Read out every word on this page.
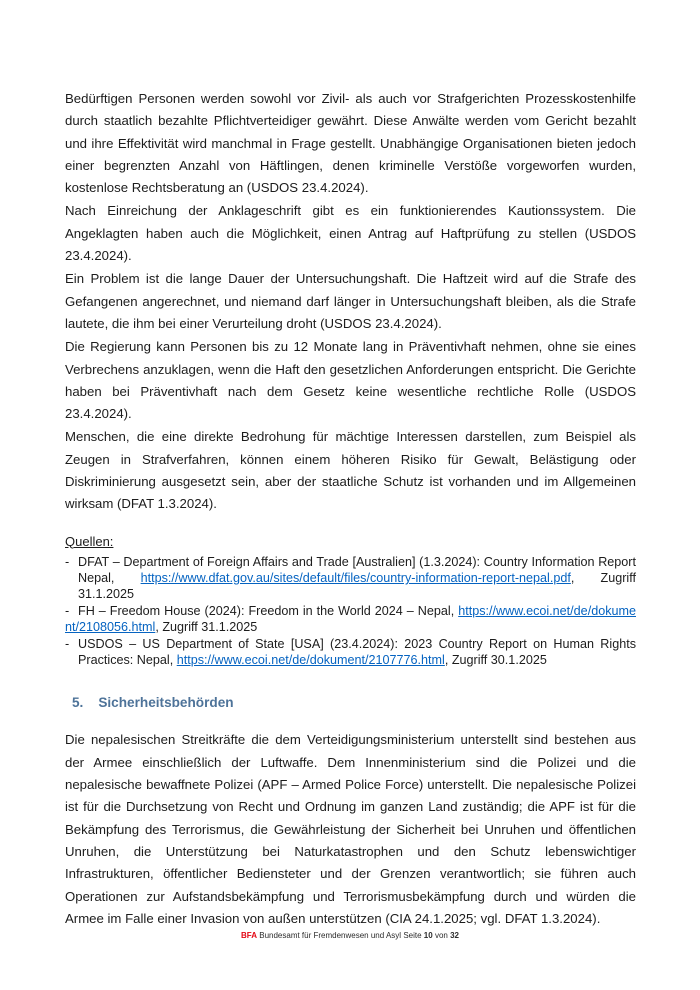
Bedürftigen Personen werden sowohl vor Zivil- als auch vor Strafgerichten Prozesskostenhilfe durch staatlich bezahlte Pflichtverteidiger gewährt. Diese Anwälte werden vom Gericht bezahlt und ihre Effektivität wird manchmal in Frage gestellt. Unabhängige Organisationen bieten jedoch einer begrenzten Anzahl von Häftlingen, denen kriminelle Verstöße vorgeworfen wurden, kostenlose Rechtsberatung an (USDOS 23.4.2024).

Nach Einreichung der Anklageschrift gibt es ein funktionierendes Kautionssystem. Die Angeklagten haben auch die Möglichkeit, einen Antrag auf Haftprüfung zu stellen (USDOS 23.4.2024).

Ein Problem ist die lange Dauer der Untersuchungshaft. Die Haftzeit wird auf die Strafe des Gefangenen angerechnet, und niemand darf länger in Untersuchungshaft bleiben, als die Strafe lautete, die ihm bei einer Verurteilung droht (USDOS 23.4.2024).

Die Regierung kann Personen bis zu 12 Monate lang in Präventivhaft nehmen, ohne sie eines Verbrechens anzuklagen, wenn die Haft den gesetzlichen Anforderungen entspricht. Die Gerichte haben bei Präventivhaft nach dem Gesetz keine wesentliche rechtliche Rolle (USDOS 23.4.2024).

Menschen, die eine direkte Bedrohung für mächtige Interessen darstellen, zum Beispiel als Zeugen in Strafverfahren, können einem höheren Risiko für Gewalt, Belästigung oder Diskriminierung ausgesetzt sein, aber der staatliche Schutz ist vorhanden und im Allgemeinen wirksam (DFAT 1.3.2024).

Quellen:
- DFAT – Department of Foreign Affairs and Trade [Australien] (1.3.2024): Country Information Report Nepal, https://www.dfat.gov.au/sites/default/files/country-information-report-nepal.pdf, Zugriff 31.1.2025
- FH – Freedom House (2024): Freedom in the World 2024 – Nepal, https://www.ecoi.net/de/dokument/2108056.html, Zugriff 31.1.2025
- USDOS – US Department of State [USA] (23.4.2024): 2023 Country Report on Human Rights Practices: Nepal, https://www.ecoi.net/de/dokument/2107776.html, Zugriff 30.1.2025
5. Sicherheitsbehörden

Die nepalesischen Streitkräfte die dem Verteidigungsministerium unterstellt sind bestehen aus der Armee einschließlich der Luftwaffe. Dem Innenministerium sind die Polizei und die nepalesische bewaffnete Polizei (APF – Armed Police Force) unterstellt. Die nepalesische Polizei ist für die Durchsetzung von Recht und Ordnung im ganzen Land zuständig; die APF ist für die Bekämpfung des Terrorismus, die Gewährleistung der Sicherheit bei Unruhen und öffentlichen Unruhen, die Unterstützung bei Naturkatastrophen und den Schutz lebenswichtiger Infrastrukturen, öffentlicher Bediensteter und der Grenzen verantwortlich; sie führen auch Operationen zur Aufstandsbekämpfung und Terrorismusbekämpfung durch und würden die Armee im Falle einer Invasion von außen unterstützen (CIA 24.1.2025; vgl. DFAT 1.3.2024).

BFA Bundesamt für Fremdenwesen und Asyl Seite 10 von 32
